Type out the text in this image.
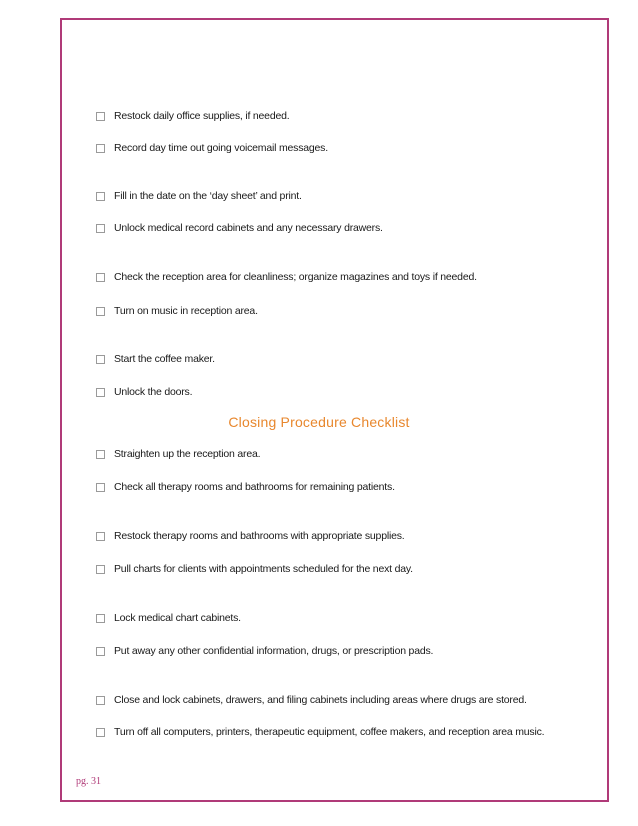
Restock daily office supplies, if needed.
Record day time out going voicemail messages.
Fill in the date on the ‘day sheet’ and print.
Unlock medical record cabinets and any necessary drawers.
Check the reception area for cleanliness; organize magazines and toys if needed.
Turn on music in reception area.
Start the coffee maker.
Unlock the doors.
Closing Procedure Checklist
Straighten up the reception area.
Check all therapy rooms and bathrooms for remaining patients.
Restock therapy rooms and bathrooms with appropriate supplies.
Pull charts for clients with appointments scheduled for the next day.
Lock medical chart cabinets.
Put away any other confidential information, drugs, or prescription pads.
Close and lock cabinets, drawers, and filing cabinets including areas where drugs are stored.
Turn off all computers, printers, therapeutic equipment, coffee makers, and reception area music.
pg. 31
